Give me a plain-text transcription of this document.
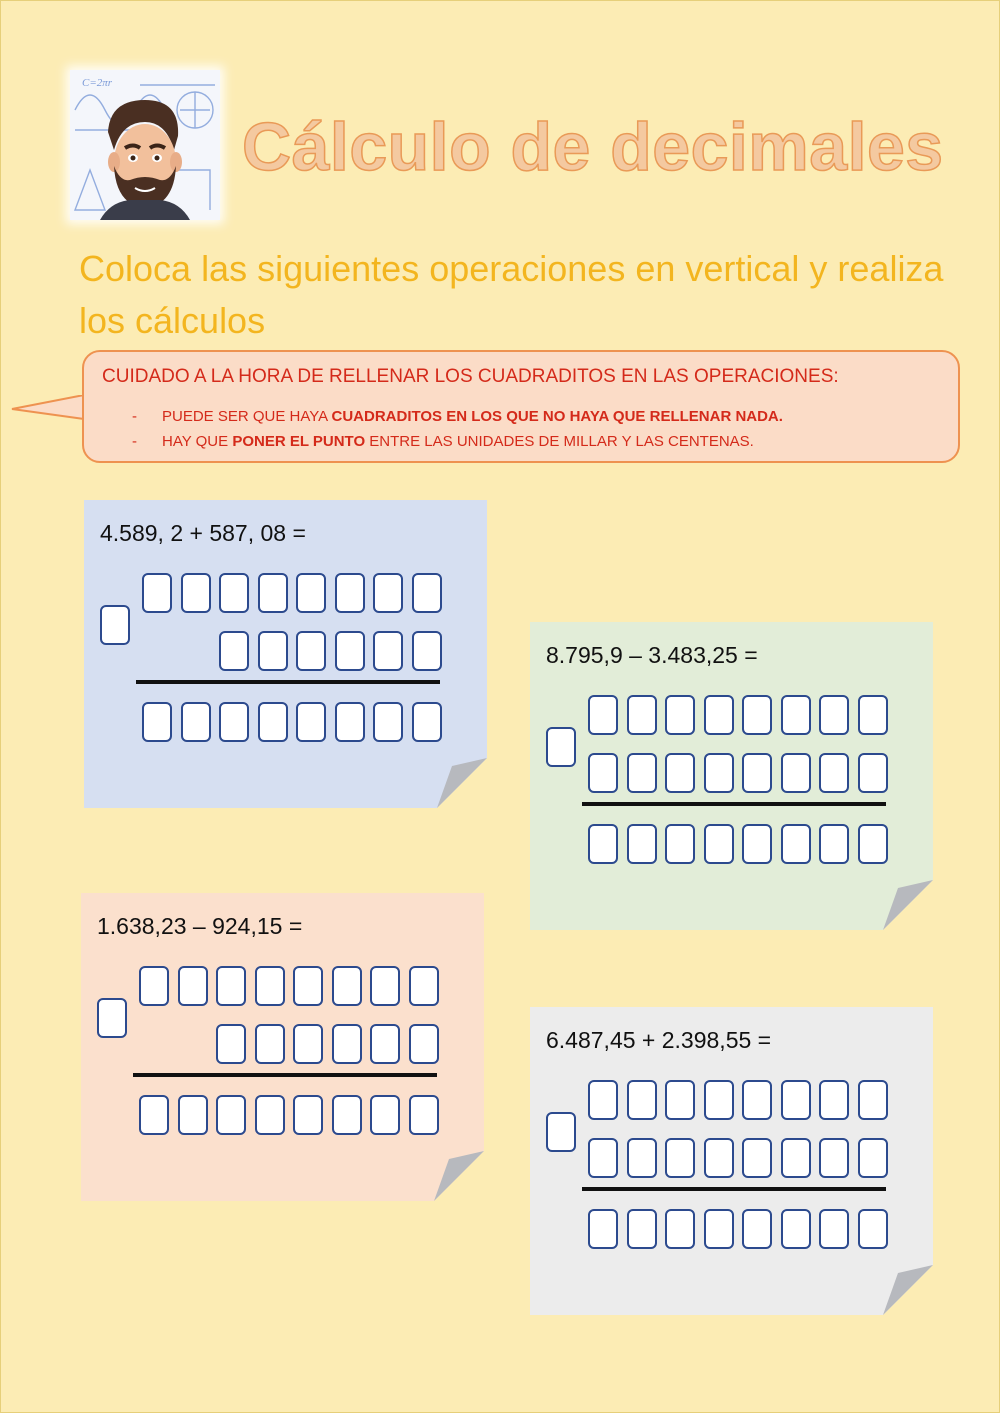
C=2πr
Cálculo de decimales
Coloca las siguientes operaciones en vertical y realiza los cálculos
CUIDADO A LA HORA DE RELLENAR LOS CUADRADITOS EN LAS OPERACIONES:
- PUEDE SER QUE HAYA CUADRADITOS EN LOS QUE NO HAYA QUE RELLENAR NADA.
- HAY QUE PONER EL PUNTO ENTRE LAS UNIDADES DE MILLAR Y LAS CENTENAS.
4.589, 2 + 587, 08 =
8.795,9 – 3.483,25 =
1.638,23 – 924,15 =
6.487,45 + 2.398,55 =
